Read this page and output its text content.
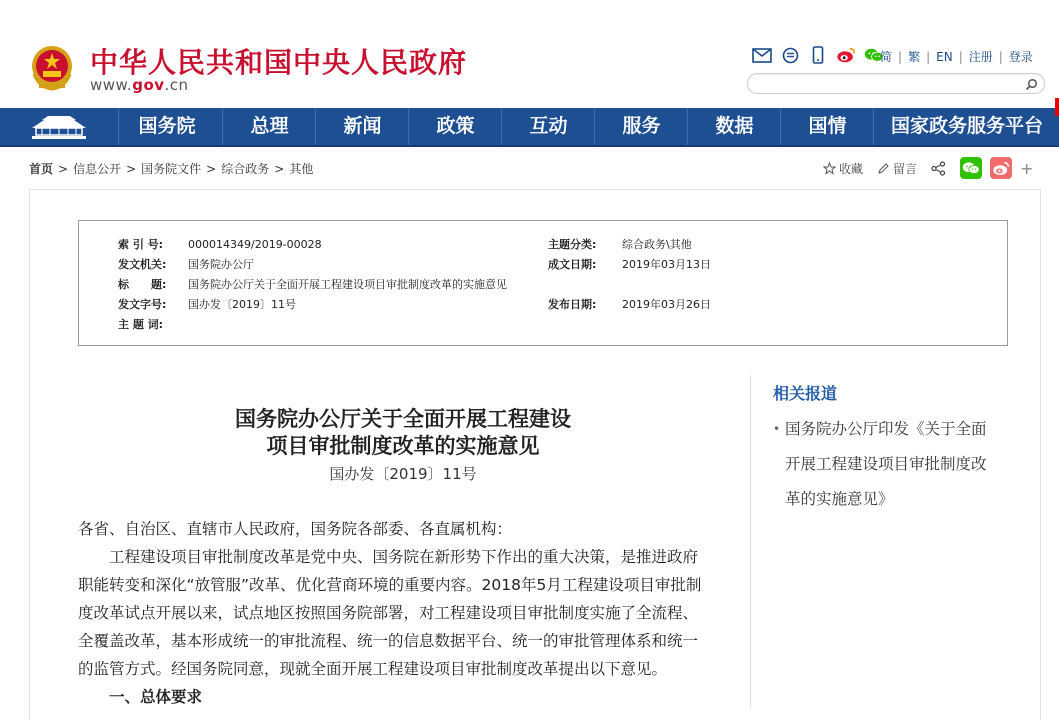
中华人民共和国中央人民政府
www.gov.cn
简 | 繁 | EN | 注册 | 登录
国务院	总理	新闻	政策	互动	服务	数据	国情	国家政务服务平台
首页 > 信息公开 > 国务院文件 > 综合政务 > 其他	收藏	留言	+
索 引 号: 000014349/2019-00028	主题分类: 综合政务\其他
发文机关: 国务院办公厅	成文日期: 2019年03月13日
标　　题: 国务院办公厅关于全面开展工程建设项目审批制度改革的实施意见
发文字号: 国办发〔2019〕11号	发布日期: 2019年03月26日
主 题 词:
国务院办公厅关于全面开展工程建设
项目审批制度改革的实施意见
国办发〔2019〕11号
各省、自治区、直辖市人民政府，国务院各部委、各直属机构：
　　工程建设项目审批制度改革是党中央、国务院在新形势下作出的重大决策，是推进政府
职能转变和深化“放管服”改革、优化营商环境的重要内容。2018年5月工程建设项目审批制
度改革试点开展以来，试点地区按照国务院部署，对工程建设项目审批制度实施了全流程、
全覆盖改革，基本形成统一的审批流程、统一的信息数据平台、统一的审批管理体系和统一
的监管方式。经国务院同意，现就全面开展工程建设项目审批制度改革提出以下意见。
　　一、总体要求
相关报道
• 国务院办公厅印发《关于全面
开展工程建设项目审批制度改
革的实施意见》
